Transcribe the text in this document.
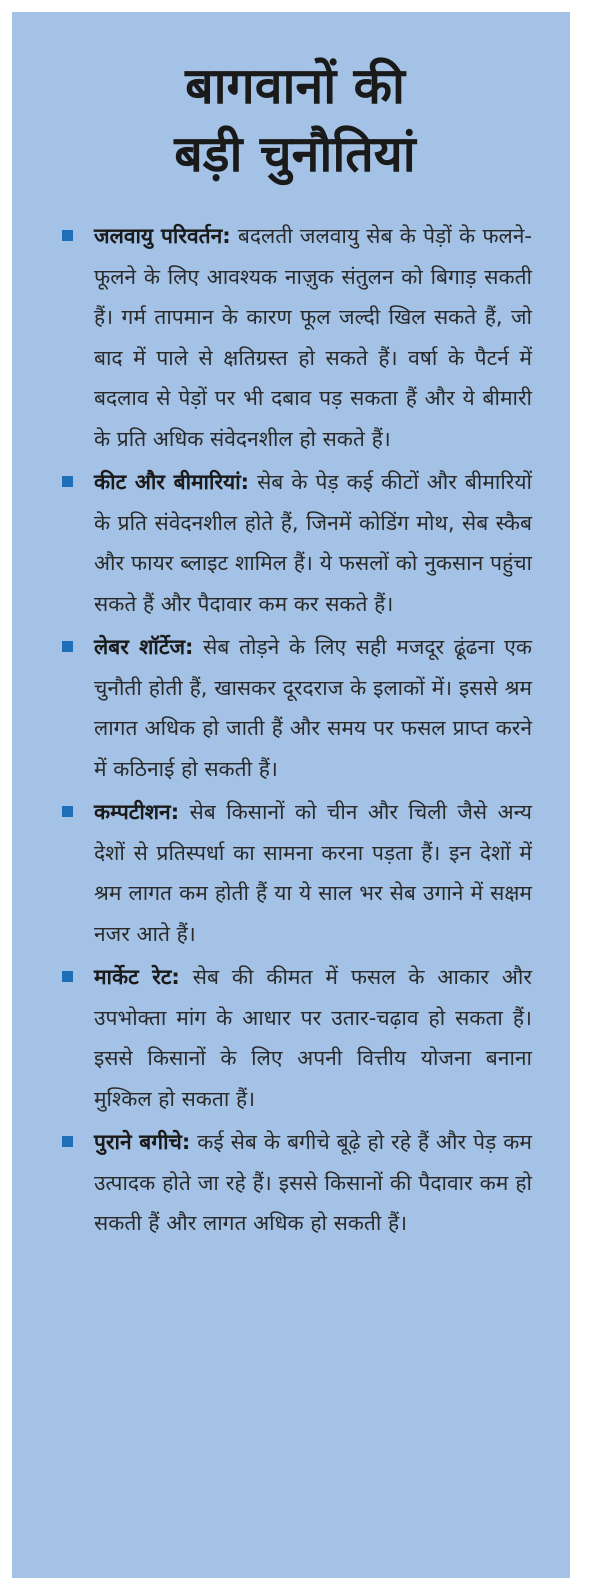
बागवानों की
बड़ी चुनौतियां
जलवायु परिवर्तन: बदलती जलवायु सेब के पेड़ों के फलने-फूलने के लिए आवश्यक नाज़ुक संतुलन को बिगाड़ सकती हैं। गर्म तापमान के कारण फूल जल्दी खिल सकते हैं, जो बाद में पाले से क्षतिग्रस्त हो सकते हैं। वर्षा के पैटर्न में बदलाव से पेड़ों पर भी दबाव पड़ सकता हैं और ये बीमारी के प्रति अधिक संवेदनशील हो सकते हैं।
कीट और बीमारियां: सेब के पेड़ कई कीटों और बीमारियों के प्रति संवेदनशील होते हैं, जिनमें कोडिंग मोथ, सेब स्कैब और फायर ब्लाइट शामिल हैं। ये फसलों को नुकसान पहुंचा सकते हैं और पैदावार कम कर सकते हैं।
लेबर शॉर्टेज: सेब तोड़ने के लिए सही मजदूर ढूंढना एक चुनौती होती हैं, खासकर दूरदराज के इलाकों में। इससे श्रम लागत अधिक हो जाती हैं और समय पर फसल प्राप्त करने में कठिनाई हो सकती हैं।
कम्पटीशन: सेब किसानों को चीन और चिली जैसे अन्य देशों से प्रतिस्पर्धा का सामना करना पड़ता हैं। इन देशों में श्रम लागत कम होती हैं या ये साल भर सेब उगाने में सक्षम नजर आते हैं।
मार्केट रेट: सेब की कीमत में फसल के आकार और उपभोक्ता मांग के आधार पर उतार-चढ़ाव हो सकता हैं। इससे किसानों के लिए अपनी वित्तीय योजना बनाना मुश्किल हो सकता हैं।
पुराने बगीचे: कई सेब के बगीचे बूढ़े हो रहे हैं और पेड़ कम उत्पादक होते जा रहे हैं। इससे किसानों की पैदावार कम हो सकती हैं और लागत अधिक हो सकती हैं।
